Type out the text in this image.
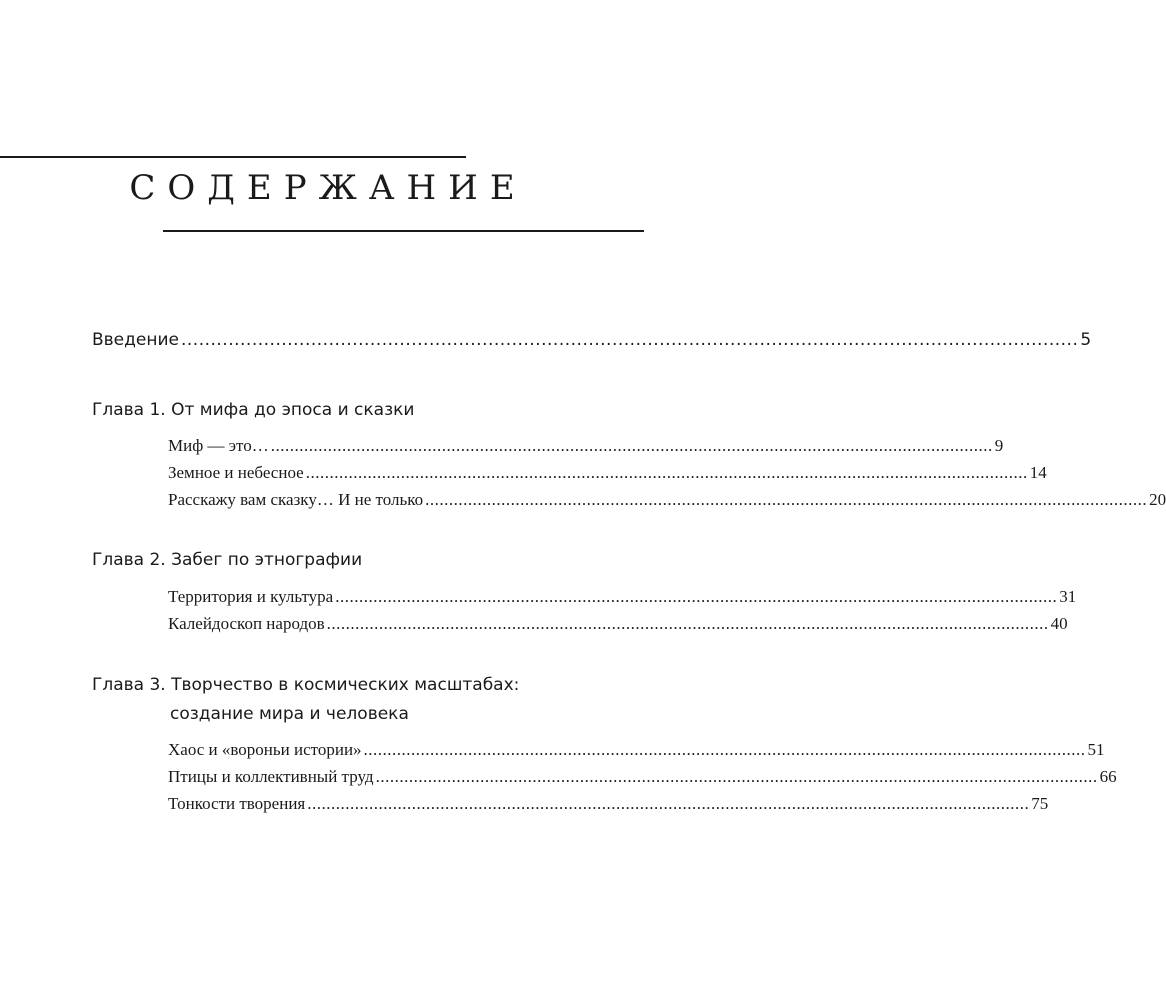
СОДЕРЖАНИЕ
Введение ........................................................................................................................................................ 5
Глава 1. От мифа до эпоса и сказки
Миф — это… ........................................................................................................................................................ 9
Земное и небесное ........................................................................................................................................................ 14
Расскажу вам сказку… И не только ........................................................................................................................................................ 20
Глава 2. Забег по этнографии
Территория и культура ........................................................................................................................................................ 31
Калейдоскоп народов ........................................................................................................................................................ 40
Глава 3. Творчество в космических масштабах:
создание мира и человека
Хаос и «вороньи истории» ........................................................................................................................................................ 51
Птицы и коллективный труд ........................................................................................................................................................ 66
Тонкости творения ........................................................................................................................................................ 75
